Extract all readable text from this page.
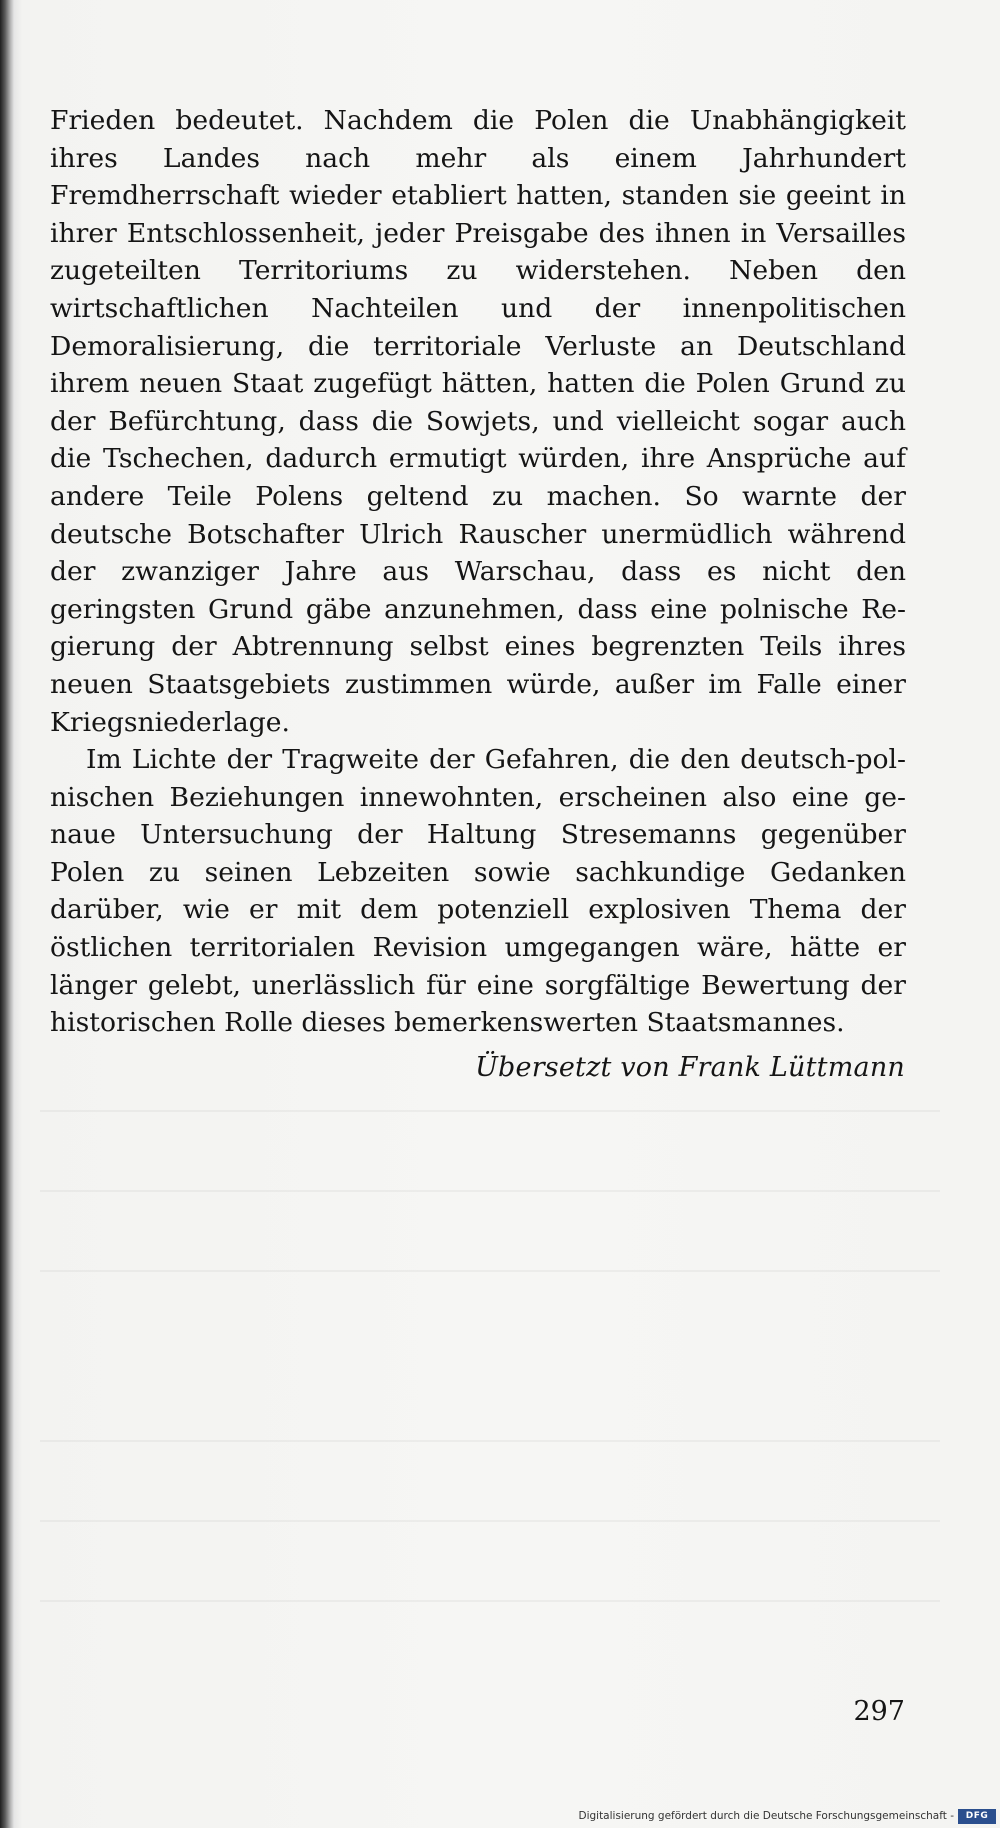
Frieden bedeutet. Nachdem die Polen die Unabhängigkeit ihres Landes nach mehr als einem Jahrhundert Fremdherrschaft wieder etabliert hatten, standen sie geeint in ihrer Entschlossenheit, jeder Preisgabe des ihnen in Versailles zugeteilten Territoriums zu widerstehen. Neben den wirtschaftlichen Nachteilen und der innenpolitischen Demoralisierung, die territoriale Verluste an Deutschland ihrem neuen Staat zugefügt hätten, hatten die Polen Grund zu der Befürchtung, dass die Sowjets, und vielleicht sogar auch die Tschechen, dadurch ermutigt würden, ihre Ansprüche auf andere Teile Polens geltend zu machen. So warnte der deutsche Botschafter Ulrich Rauscher unermüdlich während der zwanziger Jahre aus Warschau, dass es nicht den geringsten Grund gäbe anzunehmen, dass eine polnische Regierung der Abtrennung selbst eines begrenzten Teils ihres neuen Staatsgebiets zustimmen würde, außer im Falle einer Kriegsniederlage.

Im Lichte der Tragweite der Gefahren, die den deutsch-polnischen Beziehungen innewohnten, erscheinen also eine genaue Untersuchung der Haltung Stresemanns gegenüber Polen zu seinen Lebzeiten sowie sachkundige Gedanken darüber, wie er mit dem potenziell explosiven Thema der östlichen territorialen Revision umgegangen wäre, hätte er länger gelebt, unerlässlich für eine sorgfältige Bewertung der historischen Rolle dieses bemerkenswerten Staatsmannes.

Übersetzt von Frank Lüttmann
297
Digitalisierung gefördert durch die Deutsche Forschungsgemeinschaft -	DFG
